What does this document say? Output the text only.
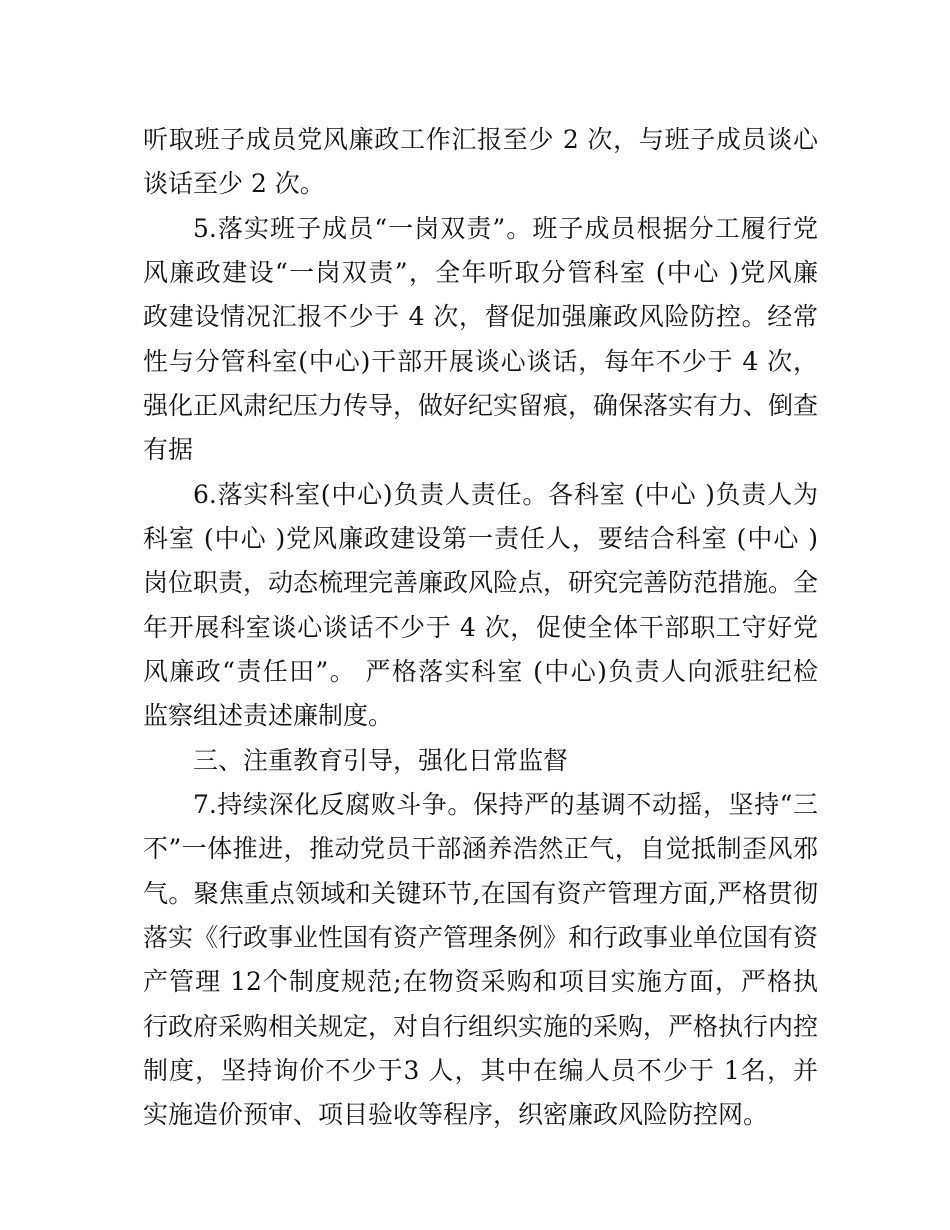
听取班子成员党风廉政工作汇报至少 2 次，与班子成员谈心
谈话至少 2 次。
5.落实班子成员“一岗双责”。班子成员根据分工履行党
风廉政建设“一岗双责”，全年听取分管科室 (中心 )党风廉
政建设情况汇报不少于 4 次，督促加强廉政风险防控。经常
性与分管科室(中心)干部开展谈心谈话，每年不少于 4 次，
强化正风肃纪压力传导，做好纪实留痕，确保落实有力、倒查
有据
6.落实科室(中心)负责人责任。各科室 (中心 )负责人为
科室 (中心 )党风廉政建设第一责任人，要结合科室 (中心 )
岗位职责，动态梳理完善廉政风险点，研究完善防范措施。全
年开展科室谈心谈话不少于 4 次，促使全体干部职工守好党
风廉政“责任田”。 严格落实科室 (中心)负责人向派驻纪检
监察组述责述廉制度。
三、注重教育引导，强化日常监督
7.持续深化反腐败斗争。保持严的基调不动摇，坚持“三
不”一体推进，推动党员干部涵养浩然正气，自觉抵制歪风邪
气。聚焦重点领域和关键环节,在国有资产管理方面,严格贯彻
落实《行政事业性国有资产管理条例》和行政事业单位国有资
产管理 12个制度规范;在物资采购和项目实施方面，严格执
行政府采购相关规定，对自行组织实施的采购，严格执行内控
制度，坚持询价不少于3 人，其中在编人员不少于 1名，并
实施造价预审、项目验收等程序，织密廉政风险防控网。
